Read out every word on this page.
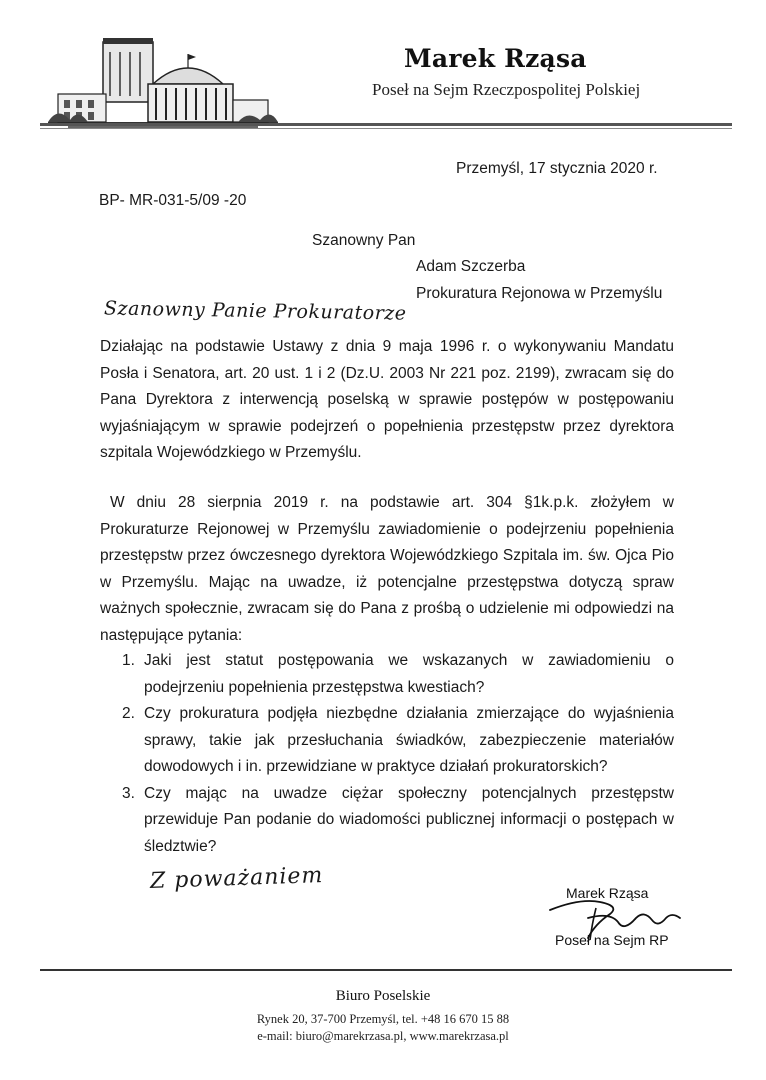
Marek Rząsa
Poseł na Sejm Rzeczpospolitej Polskiej
Przemyśl, 17 stycznia 2020 r.
BP- MR-031-5/09 -20
Szanowny Pan
Adam Szczerba
Prokuratura Rejonowa w Przemyślu
Szanowny Panie Prokuratorze
Działając na podstawie Ustawy z dnia 9 maja 1996 r. o wykonywaniu Mandatu Posła i Senatora, art. 20 ust. 1 i 2 (Dz.U. 2003 Nr 221 poz. 2199), zwracam się do Pana Dyrektora z interwencją poselską w sprawie postępów w postępowaniu wyjaśniającym w sprawie podejrzeń o popełnienia przestępstw przez dyrektora szpitala Wojewódzkiego w Przemyślu.
W dniu 28 sierpnia 2019 r. na podstawie art. 304 §1k.p.k. złożyłem w Prokuraturze Rejonowej w Przemyślu zawiadomienie o podejrzeniu popełnienia przestępstw przez ówczesnego dyrektora Wojewódzkiego Szpitala im. św. Ojca Pio w Przemyślu. Mając na uwadze, iż potencjalne przestępstwa dotyczą spraw ważnych społecznie, zwracam się do Pana z prośbą o udzielenie mi odpowiedzi na następujące pytania:
1. Jaki jest statut postępowania we wskazanych w zawiadomieniu o podejrzeniu popełnienia przestępstwa kwestiach?
2. Czy prokuratura podjęła niezbędne działania zmierzające do wyjaśnienia sprawy, takie jak przesłuchania świadków, zabezpieczenie materiałów dowodowych i in. przewidziane w praktyce działań prokuratorskich?
3. Czy mając na uwadze ciężar społeczny potencjalnych przestępstw przewiduje Pan podanie do wiadomości publicznej informacji o postępach w śledztwie?
Z poważaniem	Marek Rząsa
Poseł na Sejm RP
Biuro Poselskie
Rynek 20, 37-700 Przemyśl, tel. +48 16 670 15 88
e-mail: biuro@marekrzasa.pl, www.marekrzasa.pl
